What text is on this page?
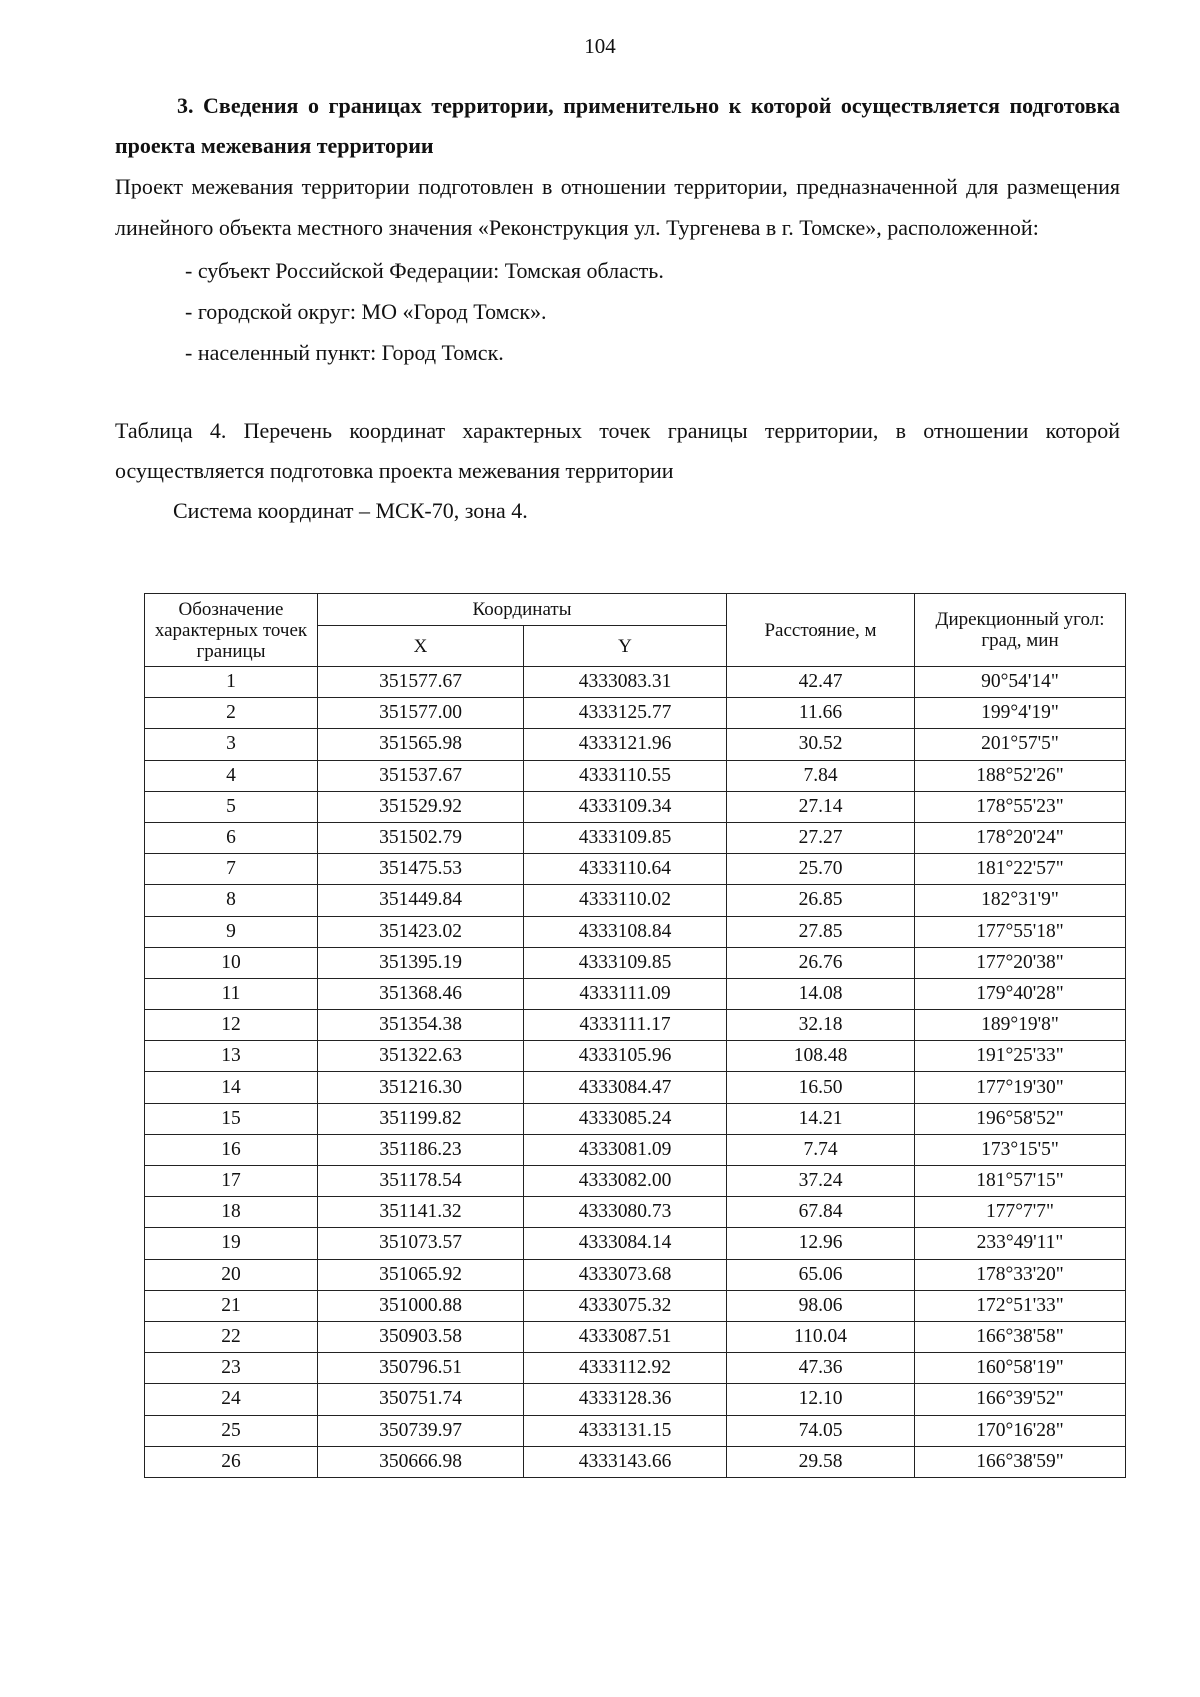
104

3. Сведения о границах территории, применительно к которой осуществляется подготовка проекта межевания территории

Проект межевания территории подготовлен в отношении территории, предназначенной для размещения линейного объекта местного значения «Реконструкция ул. Тургенева в г. Томске», расположенной:

- субъект Российской Федерации: Томская область.
- городской округ: МО «Город Томск».
- населенный пункт: Город Томск.

Таблица 4. Перечень координат характерных точек границы территории, в отношении которой осуществляется подготовка проекта межевания территории

Система координат – МСК-70, зона 4.

Обозначение характерных точек границы	Координаты		Расстояние, м	Дирекционный угол: град, мин
	X	Y		
1	351577.67	4333083.31	42.47	90°54'14"
2	351577.00	4333125.77	11.66	199°4'19"
3	351565.98	4333121.96	30.52	201°57'5"
4	351537.67	4333110.55	7.84	188°52'26"
5	351529.92	4333109.34	27.14	178°55'23"
6	351502.79	4333109.85	27.27	178°20'24"
7	351475.53	4333110.64	25.70	181°22'57"
8	351449.84	4333110.02	26.85	182°31'9"
9	351423.02	4333108.84	27.85	177°55'18"
10	351395.19	4333109.85	26.76	177°20'38"
11	351368.46	4333111.09	14.08	179°40'28"
12	351354.38	4333111.17	32.18	189°19'8"
13	351322.63	4333105.96	108.48	191°25'33"
14	351216.30	4333084.47	16.50	177°19'30"
15	351199.82	4333085.24	14.21	196°58'52"
16	351186.23	4333081.09	7.74	173°15'5"
17	351178.54	4333082.00	37.24	181°57'15"
18	351141.32	4333080.73	67.84	177°7'7"
19	351073.57	4333084.14	12.96	233°49'11"
20	351065.92	4333073.68	65.06	178°33'20"
21	351000.88	4333075.32	98.06	172°51'33"
22	350903.58	4333087.51	110.04	166°38'58"
23	350796.51	4333112.92	47.36	160°58'19"
24	350751.74	4333128.36	12.10	166°39'52"
25	350739.97	4333131.15	74.05	170°16'28"
26	350666.98	4333143.66	29.58	166°38'59"
